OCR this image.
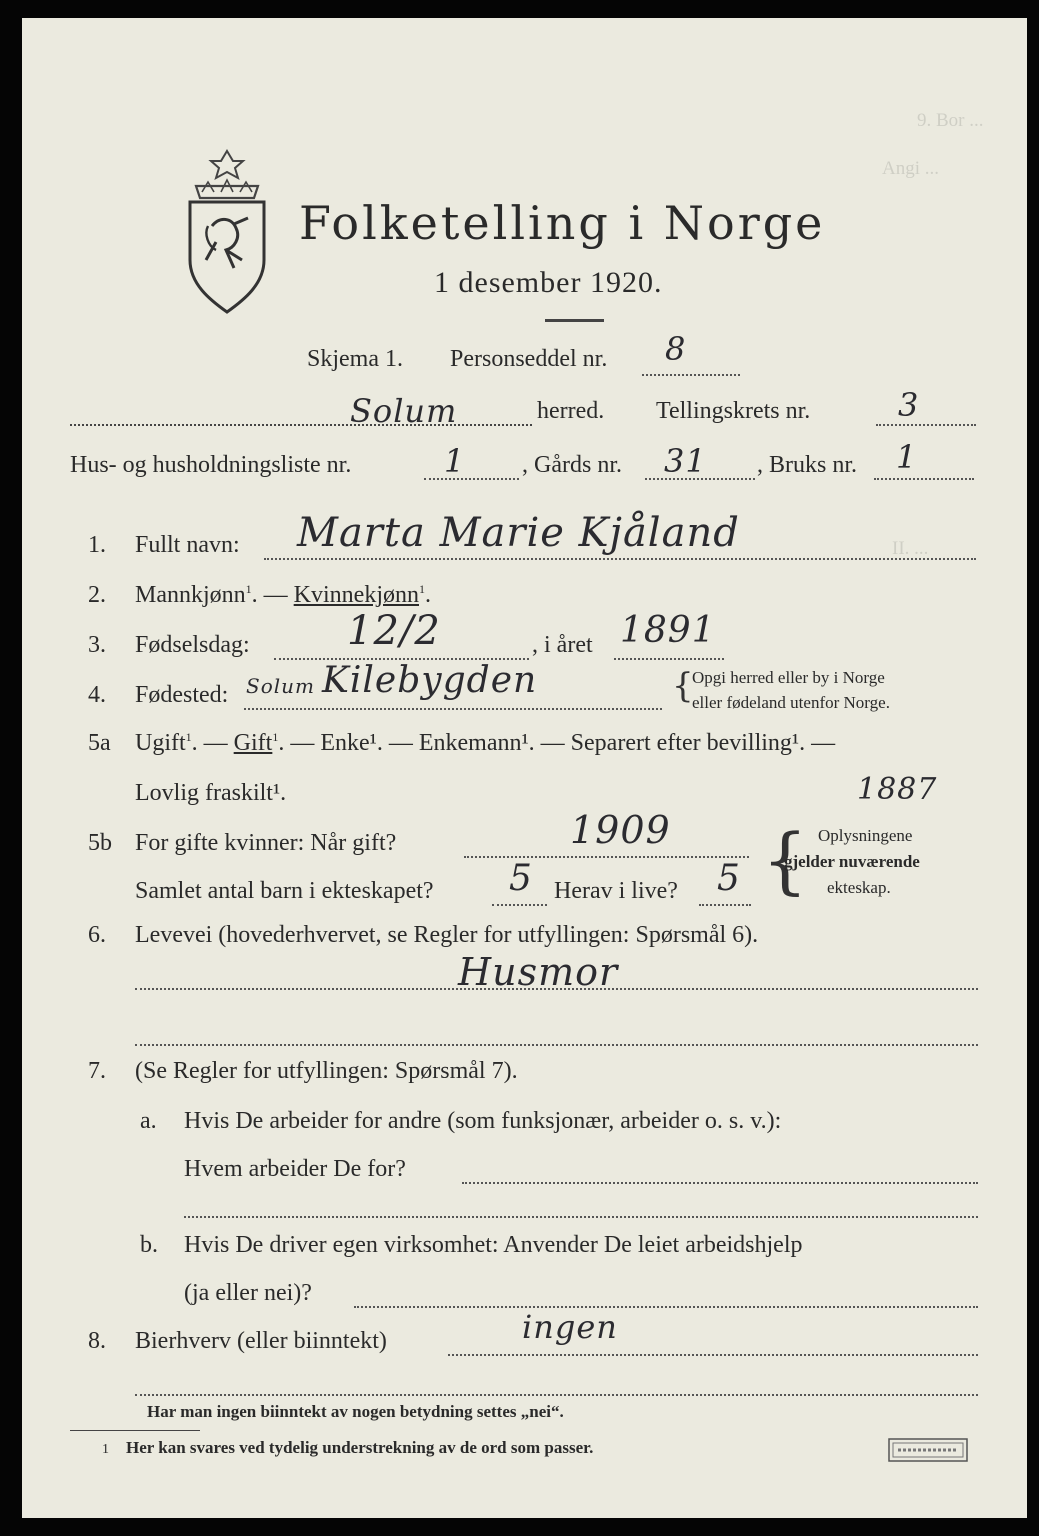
9. Bor ...
Angi ...
II. ...
Folketelling i Norge
1 desember 1920.
Skjema 1. Personseddel nr. 8
Solum	herred. Tellingskrets nr.	3
Hus- og husholdningsliste nr.	1 , Gårds nr. 31 , Bruks nr. 1
1. Fullt navn: Marta Marie Kjåland
2. Mannkjønn$^1$. — Kvinnekjønn$^1$.
3. Fødselsdag: 12/2	, i året 1891
4. Fødested: Solum Kilebygden	{
Opgi herred eller by i Norge
eller fødeland utenfor Norge.
5a Ugift$^1$. — Gift$^1$. — Enke¹. — Enkemann¹. — Separert efter bevilling¹. —
Lovlig fraskilt¹.	1887
5b For gifte kvinner: Når gift?	1909
Samlet antal barn i ekteskapet? 5 Herav i live? 5 { Oplysningene
gjelder nuværende
ekteskap.
6. Levevei (hovederhvervet, se Regler for utfyllingen: Spørsmål 6).
Husmor
7. (Se Regler for utfyllingen: Spørsmål 7).
a. Hvis De arbeider for andre (som funksjonær, arbeider o. s. v.):
Hvem arbeider De for?
b. Hvis De driver egen virksomhet: Anvender De leiet arbeidshjelp
(ja eller nei)?
8. Bierhverv (eller biinntekt)	ingen
Har man ingen biinntekt av nogen betydning settes „nei“.
1 Her kan svares ved tydelig understrekning av de ord som passer.
